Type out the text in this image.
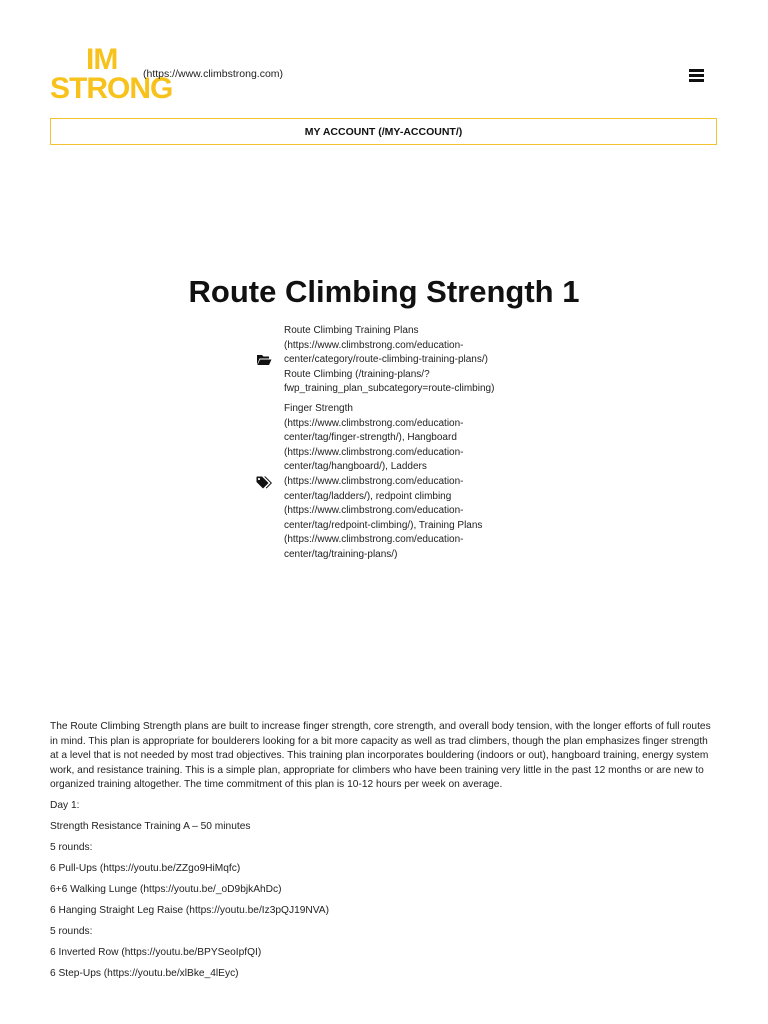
IM
STRONG
(https://www.climbstrong.com)
MY ACCOUNT (/MY-ACCOUNT/)
Route Climbing Strength 1
Route Climbing Training Plans (https://www.climbstrong.com/education-center/category/route-climbing-training-plans/) Route Climbing (/training-plans/?fwp_training_plan_subcategory=route-climbing)
Finger Strength (https://www.climbstrong.com/education-center/tag/finger-strength/), Hangboard (https://www.climbstrong.com/education-center/tag/hangboard/), Ladders (https://www.climbstrong.com/education-center/tag/ladders/), redpoint climbing (https://www.climbstrong.com/education-center/tag/redpoint-climbing/), Training Plans (https://www.climbstrong.com/education-center/tag/training-plans/)

The Route Climbing Strength plans are built to increase finger strength, core strength, and overall body tension, with the longer efforts of full routes in mind. This plan is appropriate for boulderers looking for a bit more capacity as well as trad climbers, though the plan emphasizes finger strength at a level that is not needed by most trad objectives. This training plan incorporates bouldering (indoors or out), hangboard training, energy system work, and resistance training. This is a simple plan, appropriate for climbers who have been training very little in the past 12 months or are new to organized training altogether. The time commitment of this plan is 10-12 hours per week on average.

Day 1:

Strength Resistance Training A – 50 minutes

5 rounds:

6 Pull-Ups (https://youtu.be/ZZgo9HiMqfc)

6+6 Walking Lunge (https://youtu.be/_oD9bjkAhDc)

6 Hanging Straight Leg Raise (https://youtu.be/Iz3pQJ19NVA)

5 rounds:

6 Inverted Row (https://youtu.be/BPYSeoIpfQI)

6 Step-Ups (https://youtu.be/xlBke_4lEyc)
